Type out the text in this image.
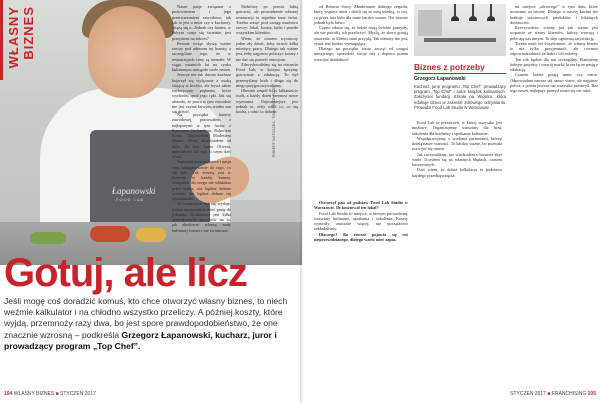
Łapanowski
FOOD LAB
WŁASNY BIZNES	Nasze pasje związane z pożywieniem i jego przetwarzaniem zawodowo, tak jak to jest u mnie czy u kucharzy, wiążą się z...Jednak czy biznes, w którym czuje się świetnie, jest przepisem na sukces?

Pewnie wciąż słyszę ważne rzeczy pod adresem tej branży, a szczególnie tego, że w restauracjach ceny są niemałe. W ciągu ostatnich lat na rynku kulinarnym nastąpiło wiele zmian.

Jeszcze nie tak dawno kucharz kojarzył się wyłącznie z osobą stojącą w kuchni, ale bywa także zachwycony pięknem, które wychodzi spod jego ręki. Jak się okazało, że praca w tym zawodzie nie jest czymś łatwym, trudno mu się dziwić.

Na początku kariery zawodowej pracowałem z najlepszymi w tym fachu: z Kartenem Gerhardsem, Robertem Sowa, Wojciechem Modestem Amaro. Dużo skorzystałem od nich, ale bez Jamie Olivera, naleciałości od tego, o czym dziś wiem.

Najważniejsze jest serce i pasja oraz zaangażowanie do tego, co się robi. Tak zresztą jest w biznesie w każdej branży. Wszystko, do czego nie wkładasz pełni siebie, nie będzie dobrze robione, nie będzie dobrze się sprzedawało.

To trudniejsze niż się wydaje, trzeba rzeczywiście mieć pasję do jedzenia. Dodatkowo jest kilka sprawdzonych sposobów na to, jak zbudować własny, mały kulinarny biznes i nie zwariować.

Niektórzy po prostu lubią gotować, ale prowadzenie własnej restauracji to zupełnie inny świat. Trzeba wziąć pod uwagę mnóstwo rzeczy: lokal, koszty, ludzi i przede wszystkim klientów.

Wiem, że czasem wystarczy jeden zły dzień, żeby stracić kilka miesięcy pracy. Dlatego tak ważne jest, żeby najpierw policzyć koszty i nie dać się ponieść emocjom.

Zdecydowaliśmy się na otwarcie Food Lab, w którym łączymy gotowanie z edukacją. To był przemyślany krok i długo się do niego przygotowywaliśmy.

Obecnie zespół liczy kilkanaście osób, a każdy dzień przynosi nowe wyzwania. Najważniejsze jest jednak to, żeby robić to, co się kocha, i robić to dobrze.

ROBERT MATUSZEK, TOMI FRIED FOTO
Gotuj, ale licz
Jeśli mogę coś doradzić komuś, kto chce otworzyć własny biznes, to niech weźmie kalkulator i na chłodno wszystko przeliczy. A później koszty, które wyjdą, przemnoży razy dwa, bo jest spore prawdopodobieństwo, że one znacznie wzrosną – podkreśla Grzegorz Łapanowski, kucharz, juror i prowadzący program „Top Chef”.
104 WŁASNY BIZNES ■ STYCZEŃ 2017

od Roberta Sowy. Zbudowanie dobrego zespołu, który wspiera mnie i dzieli się ze mną wiedzą, to coś, co przez lata było dla mnie bardzo ważne. Nie zawsze jednak było łatwo.

Często zdarza się, że ludzie mają świetne pomysły, ale nie potrafią ich przeliczyć. Myślą, że skoro gotują smacznie, to klienci sami przyjdą. Tak niestety nie jest, rynek jest bardzo wymagający.

Dlatego na początku warto zacząć od czegoś mniejszego, sprawdzić swoje siły i dopiero potem rozwijać działalność.

Otworzył pan od podstaw Food Lab Studio w Warszawie. Ile kosztował ten lokal?

Food Lab Studio to miejsce, w którym prowadzimy warsztaty kulinarne, spotkania i szkolenia. Koszty wyniosły znacznie więcej, niż początkowo zakładaliśmy.

Dlaczego? Bo zawsze pojawia się coś nieprzewidzianego, dlatego warto mieć zapas.

Biznes z potrzeby
Grzegorz Łapanowski
Kucharz, juror programu „Top Chef”, prowadzący program „Top Chef” i autor książek kulinarnych. Założyciel fundacji Szkoła na Widelcu, która edukuje dzieci w zakresie zdrowego odżywiania. Prowadzi Food Lab Studio w Warszawie.

Food Lab to przestrzeń, w której wszystko jest możliwe. Organizujemy warsztaty dla firm, szkolenia dla kucharzy i spotkania kulinarne.

Współpracujemy z wieloma partnerami, którzy dzielą nasze wartości. To bardzo ważne, bo pozwala rozwijać się razem.

Jak zaczynaliśmy, nie wiedziałem o biznesie zbyt wiele. Uczyłem się na własnych błędach, czasem kosztownych.

Dziś wiem, że dobra kalkulacja to podstawa każdego przedsięwzięcia.

mi miejsca „zdrowego” w tym dniu, które uważamy za istotne. Dlatego w naszej kuchni nie brakuje sezonowych produktów i lokalnych dostawców.

Rzeczywiście, wiemy już jak ważne jest wsparcie ze strony klientów, którzy wracają i polecają nas innym. To daje ogromną satysfakcję.

Trzeba mieć też świadomość, że własny biznes to nie tylko przyjemność, ale również odpowiedzialność za ludzi i ich rodziny.

Ten rok będzie dla nas szczególny. Planujemy kolejne projekty i rozwój marki, która łączy pasję z edukacją.

Czasem ludzie pytają mnie, czy warto. Odpowiadam zawsze tak samo: warto, ale najpierw policz, a potem jeszcze raz wszystko przemyśl. Bez tego nawet najlepszy pomysł może się nie udać.

STYCZEŃ 2017 ■ FRANCHISING 105
